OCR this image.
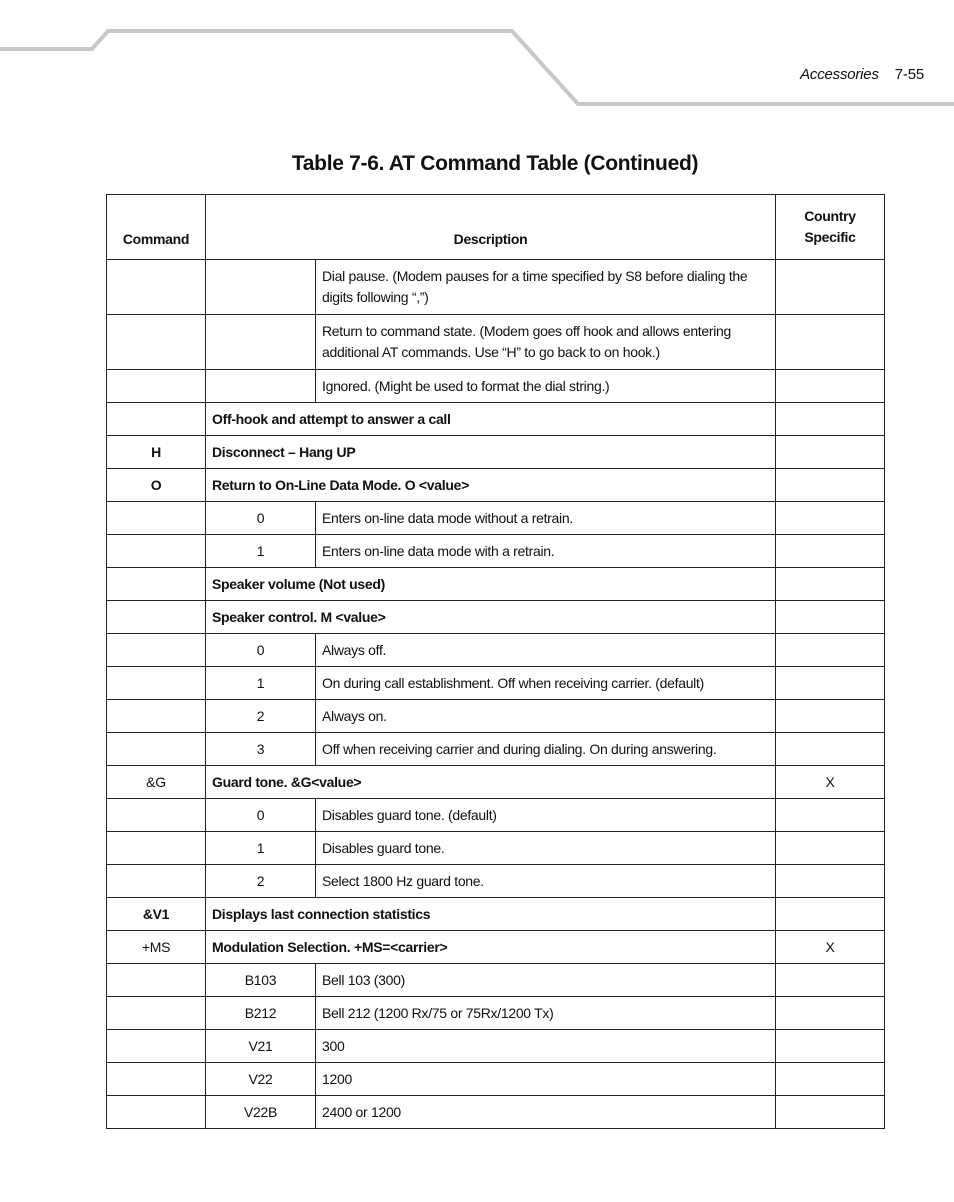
Accessories 7-55
Table 7-6. AT Command Table (Continued)
Command	Description		Country
Specific
		Dial pause. (Modem pauses for a time specified by S8 before dialing the digits following “,”)	
		Return to command state. (Modem goes off hook and allows entering additional AT commands. Use “H” to go back to on hook.)	
		Ignored. (Might be used to format the dial string.)	
	Off-hook and attempt to answer a call		
H	Disconnect – Hang UP		
O	Return to On-Line Data Mode. O <value>		
	0	Enters on-line data mode without a retrain.	
	1	Enters on-line data mode with a retrain.	
	Speaker volume (Not used)		
	Speaker control. M <value>		
	0	Always off.	
	1	On during call establishment. Off when receiving carrier. (default)	
	2	Always on.	
	3	Off when receiving carrier and during dialing. On during answering.	
&G	Guard tone. &G<value>		X
	0	Disables guard tone. (default)	
	1	Disables guard tone.	
	2	Select 1800 Hz guard tone.	
&V1	Displays last connection statistics		
+MS	Modulation Selection. +MS=<carrier>		X
	B103	Bell 103 (300)	
	B212	Bell 212 (1200 Rx/75 or 75Rx/1200 Tx)	
	V21	300	
	V22	1200	
	V22B	2400 or 1200	
